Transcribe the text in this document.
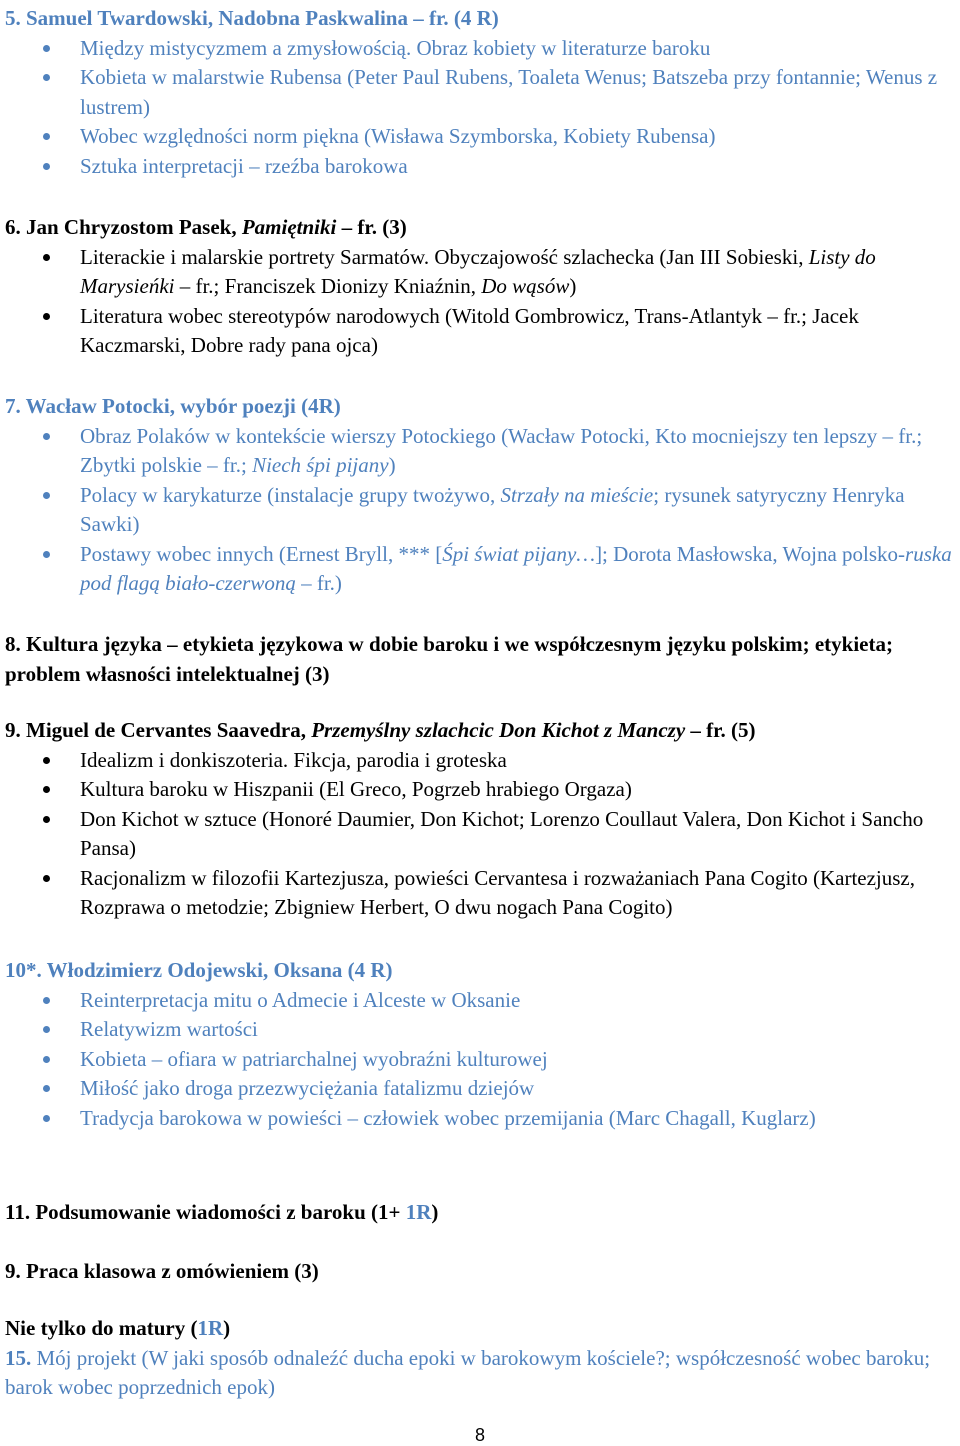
5. Samuel Twardowski, Nadobna Paskwalina – fr. (4 R)
Między mistycyzmem a zmysłowością. Obraz kobiety w literaturze baroku
Kobieta w malarstwie Rubensa (Peter Paul Rubens, Toaleta Wenus; Batszeba przy fontannie; Wenus z lustrem)
Wobec względności norm piękna (Wisława Szymborska, Kobiety Rubensa)
Sztuka interpretacji – rzeźba barokowa
6. Jan Chryzostom Pasek, Pamiętniki – fr. (3)
Literackie i malarskie portrety Sarmatów. Obyczajowość szlachecka (Jan III Sobieski, Listy do Marysieńki – fr.; Franciszek Dionizy Kniaźnin, Do wąsów)
Literatura wobec stereotypów narodowych (Witold Gombrowicz, Trans-Atlantyk – fr.; Jacek Kaczmarski, Dobre rady pana ojca)
7. Wacław Potocki, wybór poezji (4R)
Obraz Polaków w kontekście wierszy Potockiego (Wacław Potocki, Kto mocniejszy ten lepszy – fr.; Zbytki polskie – fr.; Niech śpi pijany)
Polacy w karykaturze (instalacje grupy twożywo, Strzały na mieście; rysunek satyryczny Henryka Sawki)
Postawy wobec innych (Ernest Bryll, *** [Śpi świat pijany…]; Dorota Masłowska, Wojna polsko-ruska pod flagą biało-czerwoną – fr.)
8. Kultura języka – etykieta językowa w dobie baroku i we współczesnym języku polskim; etykieta; problem własności intelektualnej (3)
9. Miguel de Cervantes Saavedra, Przemyślny szlachcic Don Kichot z Manczy – fr. (5)
Idealizm i donkiszoteria. Fikcja, parodia i groteska
Kultura baroku w Hiszpanii (El Greco, Pogrzeb hrabiego Orgaza)
Don Kichot w sztuce (Honoré Daumier, Don Kichot; Lorenzo Coullaut Valera, Don Kichot i Sancho Pansa)
Racjonalizm w filozofii Kartezjusza, powieści Cervantesa i rozważaniach Pana Cogito (Kartezjusz, Rozprawa o metodzie; Zbigniew Herbert, O dwu nogach Pana Cogito)
10*. Włodzimierz Odojewski, Oksana (4 R)
Reinterpretacja mitu o Admecie i Alceste w Oksanie
Relatywizm wartości
Kobieta – ofiara w patriarchalnej wyobraźni kulturowej
Miłość jako droga przezwyciężania fatalizmu dziejów
Tradycja barokowa w powieści – człowiek wobec przemijania (Marc Chagall, Kuglarz)
11. Podsumowanie wiadomości z baroku (1+ 1R)
9. Praca klasowa z omówieniem (3)
Nie tylko do matury (1R)
15. Mój projekt (W jaki sposób odnaleźć ducha epoki w barokowym kościele?; współczesność wobec baroku; barok wobec poprzednich epok)
8
